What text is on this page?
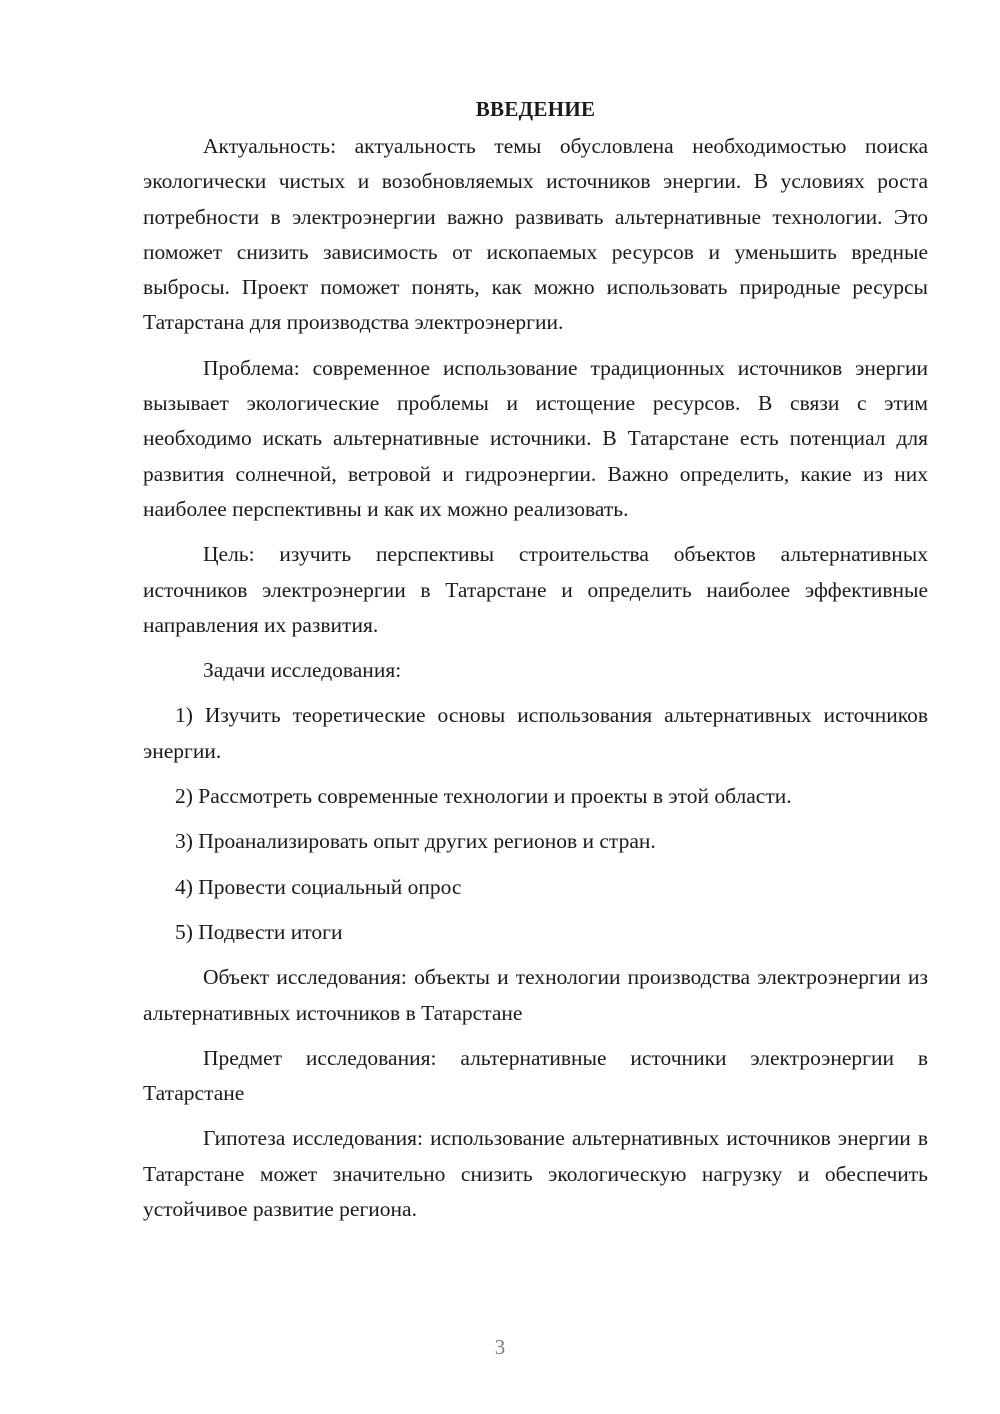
ВВЕДЕНИЕ

Актуальность: актуальность темы обусловлена необходимостью поиска экологически чистых и возобновляемых источников энергии. В условиях роста потребности в электроэнергии важно развивать альтернативные технологии. Это поможет снизить зависимость от ископаемых ресурсов и уменьшить вредные выбросы. Проект поможет понять, как можно использовать природные ресурсы Татарстана для производства электроэнергии.

Проблема: современное использование традиционных источников энергии вызывает экологические проблемы и истощение ресурсов. В связи с этим необходимо искать альтернативные источники. В Татарстане есть потенциал для развития солнечной, ветровой и гидроэнергии. Важно определить, какие из них наиболее перспективны и как их можно реализовать.

Цель: изучить перспективы строительства объектов альтернативных источников электроэнергии в Татарстане и определить наиболее эффективные направления их развития.

Задачи исследования:

1) Изучить теоретические основы использования альтернативных источников энергии.

2) Рассмотреть современные технологии и проекты в этой области.

3) Проанализировать опыт других регионов и стран.

4) Провести социальный опрос

5) Подвести итоги

Объект исследования: объекты и технологии производства электроэнергии из альтернативных источников в Татарстане

Предмет исследования: альтернативные источники электроэнергии в Татарстане

Гипотеза исследования: использование альтернативных источников энергии в Татарстане может значительно снизить экологическую нагрузку и обеспечить устойчивое развитие региона.

3
